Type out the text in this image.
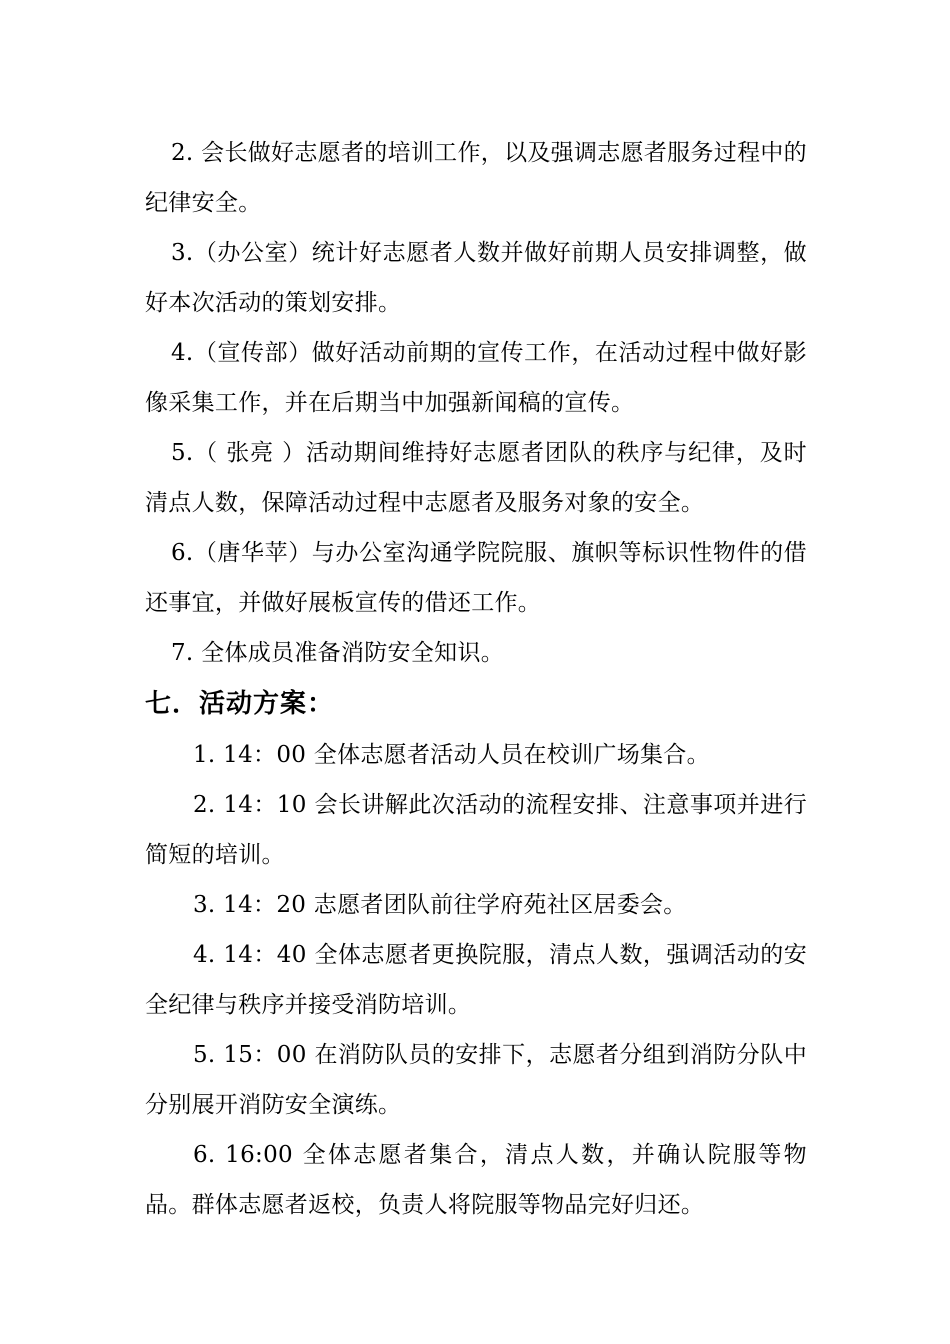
2. 会长做好志愿者的培训工作，以及强调志愿者服务过程中的纪律安全。

3.（办公室）统计好志愿者人数并做好前期人员安排调整，做好本次活动的策划安排。

4.（宣传部）做好活动前期的宣传工作，在活动过程中做好影像采集工作，并在后期当中加强新闻稿的宣传。

5.（ 张亮 ）活动期间维持好志愿者团队的秩序与纪律，及时清点人数，保障活动过程中志愿者及服务对象的安全。

6.（唐华苹）与办公室沟通学院院服、旗帜等标识性物件的借还事宜，并做好展板宣传的借还工作。

7. 全体成员准备消防安全知识。

七．活动方案：

1. 14：00 全体志愿者活动人员在校训广场集合。

2. 14：10 会长讲解此次活动的流程安排、注意事项并进行简短的培训。

3. 14：20 志愿者团队前往学府苑社区居委会。

4. 14：40 全体志愿者更换院服，清点人数，强调活动的安全纪律与秩序并接受消防培训。

5. 15：00 在消防队员的安排下，志愿者分组到消防分队中分别展开消防安全演练。

6. 16:00 全体志愿者集合，清点人数，并确认院服等物品。群体志愿者返校，负责人将院服等物品完好归还。
